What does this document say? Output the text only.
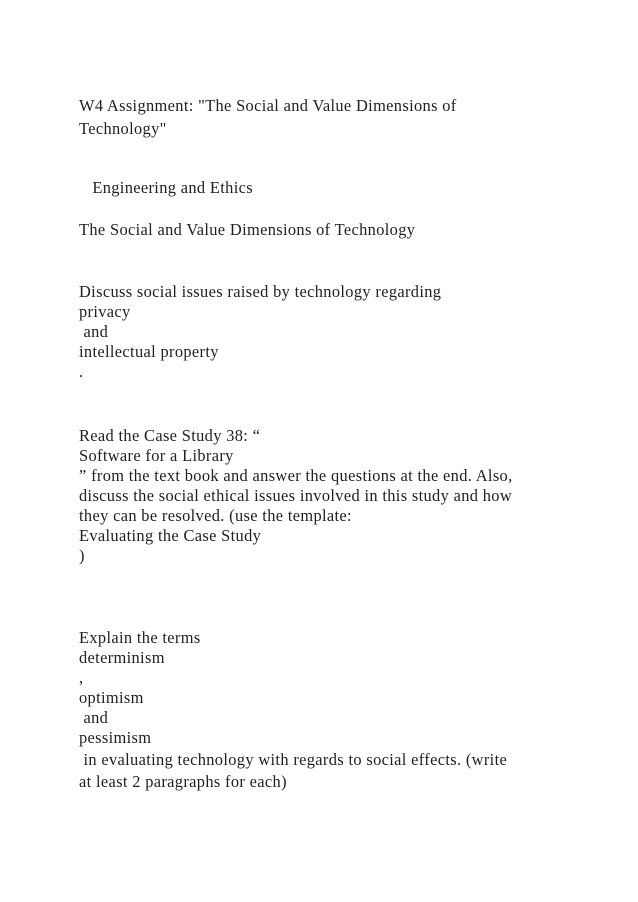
W4 Assignment: "The Social and Value Dimensions of
Technology"
Engineering and Ethics
The Social and Value Dimensions of Technology
Discuss social issues raised by technology regarding
privacy
and
intellectual property
.
Read the Case Study 38: “
Software for a Library
” from the text book and answer the questions at the end. Also,
discuss the social ethical issues involved in this study and how
they can be resolved. (use the template:
Evaluating the Case Study
)
Explain the terms
determinism
,
optimism
and
pessimism
in evaluating technology with regards to social effects. (write
at least 2 paragraphs for each)
